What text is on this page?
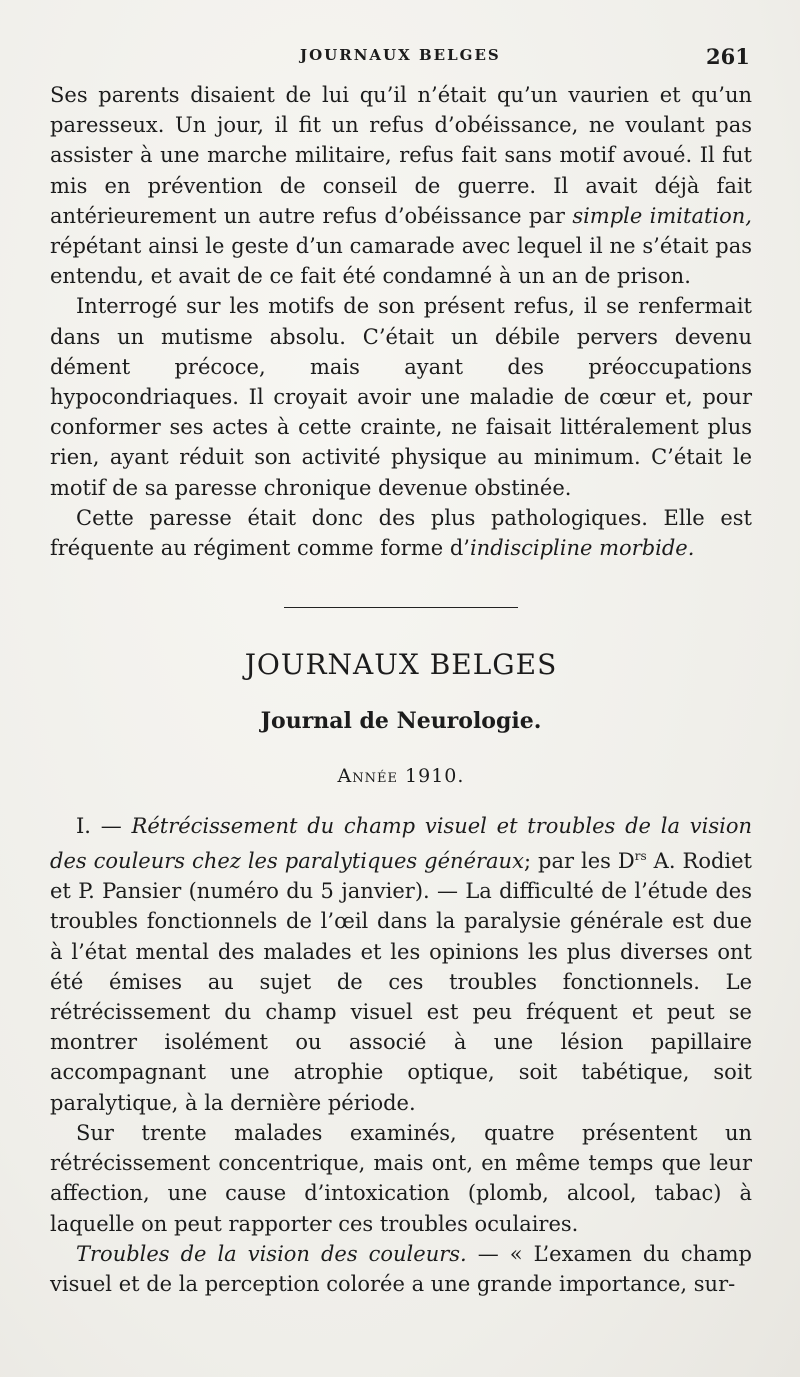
JOURNAUX BELGES	261

Ses parents disaient de lui qu’il n’était qu’un vaurien et qu’un paresseux. Un jour, il fit un refus d’obéissance, ne voulant pas assister à une marche militaire, refus fait sans motif avoué. Il fut mis en prévention de conseil de guerre. Il avait déjà fait antérieurement un autre refus d’obéissance par simple imitation, répétant ainsi le geste d’un camarade avec lequel il ne s’était pas entendu, et avait de ce fait été condamné à un an de prison.

Interrogé sur les motifs de son présent refus, il se renfermait dans un mutisme absolu. C’était un débile pervers devenu dément précoce, mais ayant des préoccupations hypocondriaques. Il croyait avoir une maladie de cœur et, pour conformer ses actes à cette crainte, ne faisait littéralement plus rien, ayant réduit son activité physique au minimum. C’était le motif de sa paresse chronique devenue obstinée.

Cette paresse était donc des plus pathologiques. Elle est fréquente au régiment comme forme d’indiscipline morbide.

JOURNAUX BELGES
Journal de Neurologie.
Année 1910.

I. — Rétrécissement du champ visuel et troubles de la vision des couleurs chez les paralytiques généraux; par les $D^{rs}$ A. Rodiet et P. Pansier (numéro du 5 janvier). — La difficulté de l’étude des troubles fonctionnels de l’œil dans la paralysie générale est due à l’état mental des malades et les opinions les plus diverses ont été émises au sujet de ces troubles fonctionnels. Le rétrécissement du champ visuel est peu fréquent et peut se montrer isolément ou associé à une lésion papillaire accompagnant une atrophie optique, soit tabétique, soit paralytique, à la dernière période.

Sur trente malades examinés, quatre présentent un rétrécissement concentrique, mais ont, en même temps que leur affection, une cause d’intoxication (plomb, alcool, tabac) à laquelle on peut rapporter ces troubles oculaires.

Troubles de la vision des couleurs. — « L’examen du champ visuel et de la perception colorée a une grande importance, sur-
